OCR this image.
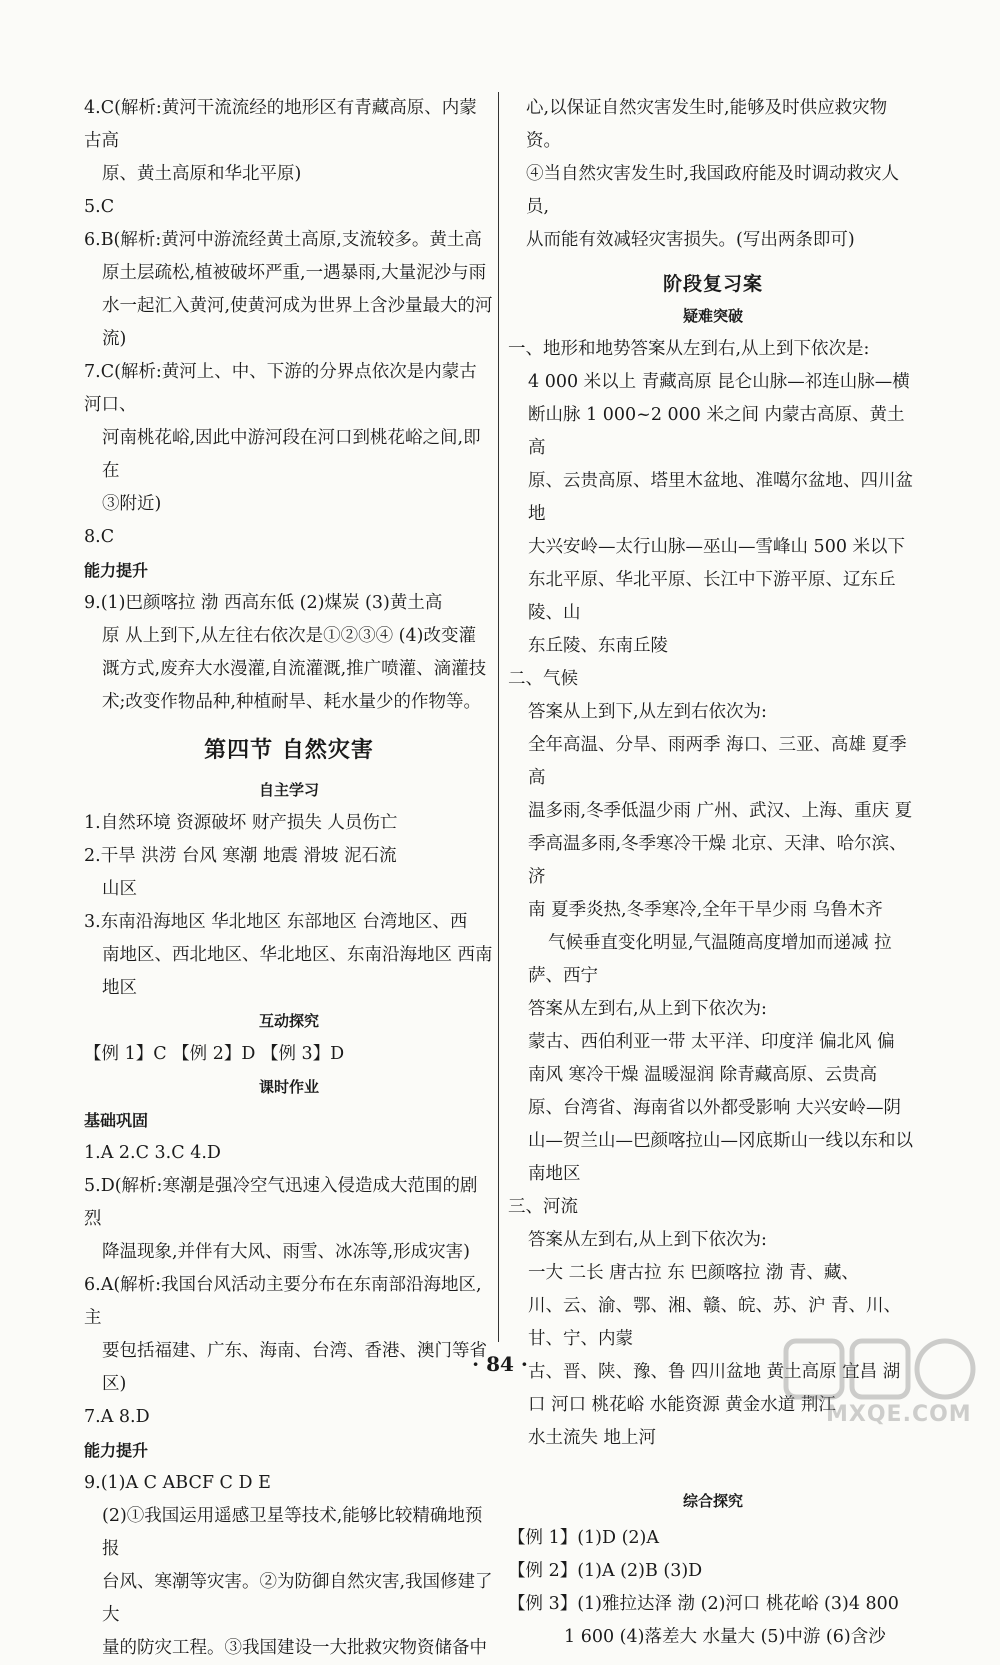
4.C(解析:黄河干流流经的地形区有青藏高原、内蒙古高

原、黄土高原和华北平原)

5.C

6.B(解析:黄河中游流经黄土高原,支流较多。黄土高

原土层疏松,植被破坏严重,一遇暴雨,大量泥沙与雨

水一起汇入黄河,使黄河成为世界上含沙量最大的河

流)

7.C(解析:黄河上、中、下游的分界点依次是内蒙古河口、

河南桃花峪,因此中游河段在河口到桃花峪之间,即在

③附近)

8.C

能力提升

9.(1)巴颜喀拉 渤 西高东低 (2)煤炭 (3)黄土高

原 从上到下,从左往右依次是①②③④ (4)改变灌

溉方式,废弃大水漫灌,自流灌溉,推广喷灌、滴灌技

术;改变作物品种,种植耐旱、耗水量少的作物等。

第四节 自然灾害

自主学习

1.自然环境 资源破坏 财产损失 人员伤亡

2.干旱 洪涝 台风 寒潮 地震 滑坡 泥石流

山区

3.东南沿海地区 华北地区 东部地区 台湾地区、西

南地区、西北地区、华北地区、东南沿海地区 西南

地区

互动探究

【例 1】C 【例 2】D 【例 3】D

课时作业

基础巩固

1.A 2.C 3.C 4.D

5.D(解析:寒潮是强冷空气迅速入侵造成大范围的剧烈

降温现象,并伴有大风、雨雪、冰冻等,形成灾害)

6.A(解析:我国台风活动主要分布在东南部沿海地区,主

要包括福建、广东、海南、台湾、香港、澳门等省区)

7.A 8.D

能力提升

9.(1)A C ABCF C D E

(2)①我国运用遥感卫星等技术,能够比较精确地预报

台风、寒潮等灾害。②为防御自然灾害,我国修建了大

量的防灾工程。③我国建设一大批救灾物资储备中

心,以保证自然灾害发生时,能够及时供应救灾物资。

④当自然灾害发生时,我国政府能及时调动救灾人员,

从而能有效减轻灾害损失。(写出两条即可)

阶段复习案

疑难突破

一、地形和地势答案从左到右,从上到下依次是:

4 000 米以上 青藏高原 昆仑山脉—祁连山脉—横

断山脉 1 000~2 000 米之间 内蒙古高原、黄土高

原、云贵高原、塔里木盆地、准噶尔盆地、四川盆地

大兴安岭—太行山脉—巫山—雪峰山 500 米以下

东北平原、华北平原、长江中下游平原、辽东丘陵、山

东丘陵、东南丘陵

二、气候

答案从上到下,从左到右依次为:

全年高温、分旱、雨两季 海口、三亚、高雄 夏季高

温多雨,冬季低温少雨 广州、武汉、上海、重庆 夏

季高温多雨,冬季寒冷干燥 北京、天津、哈尔滨、济

南 夏季炎热,冬季寒冷,全年干旱少雨 乌鲁木齐

气候垂直变化明显,气温随高度增加而递减 拉

萨、西宁

答案从左到右,从上到下依次为:

蒙古、西伯利亚一带 太平洋、印度洋 偏北风 偏

南风 寒冷干燥 温暖湿润 除青藏高原、云贵高

原、台湾省、海南省以外都受影响 大兴安岭—阴

山—贺兰山—巴颜喀拉山—冈底斯山一线以东和以

南地区

三、河流

答案从左到右,从上到下依次为:

一大 二长 唐古拉 东 巴颜喀拉 渤 青、藏、

川、云、渝、鄂、湘、赣、皖、苏、沪 青、川、甘、宁、内蒙

古、晋、陕、豫、鲁 四川盆地 黄土高原 宜昌 湖

口 河口 桃花峪 水能资源 黄金水道 荆江

水土流失 地上河

综合探究

【例 1】(1)D (2)A

【例 2】(1)A (2)B (3)D

【例 3】(1)雅拉达泽 渤 (2)河口 桃花峪 (3)4 800

1 600 (4)落差大 水量大 (5)中游 (6)含沙

· 84 ·
MXQE.COM
